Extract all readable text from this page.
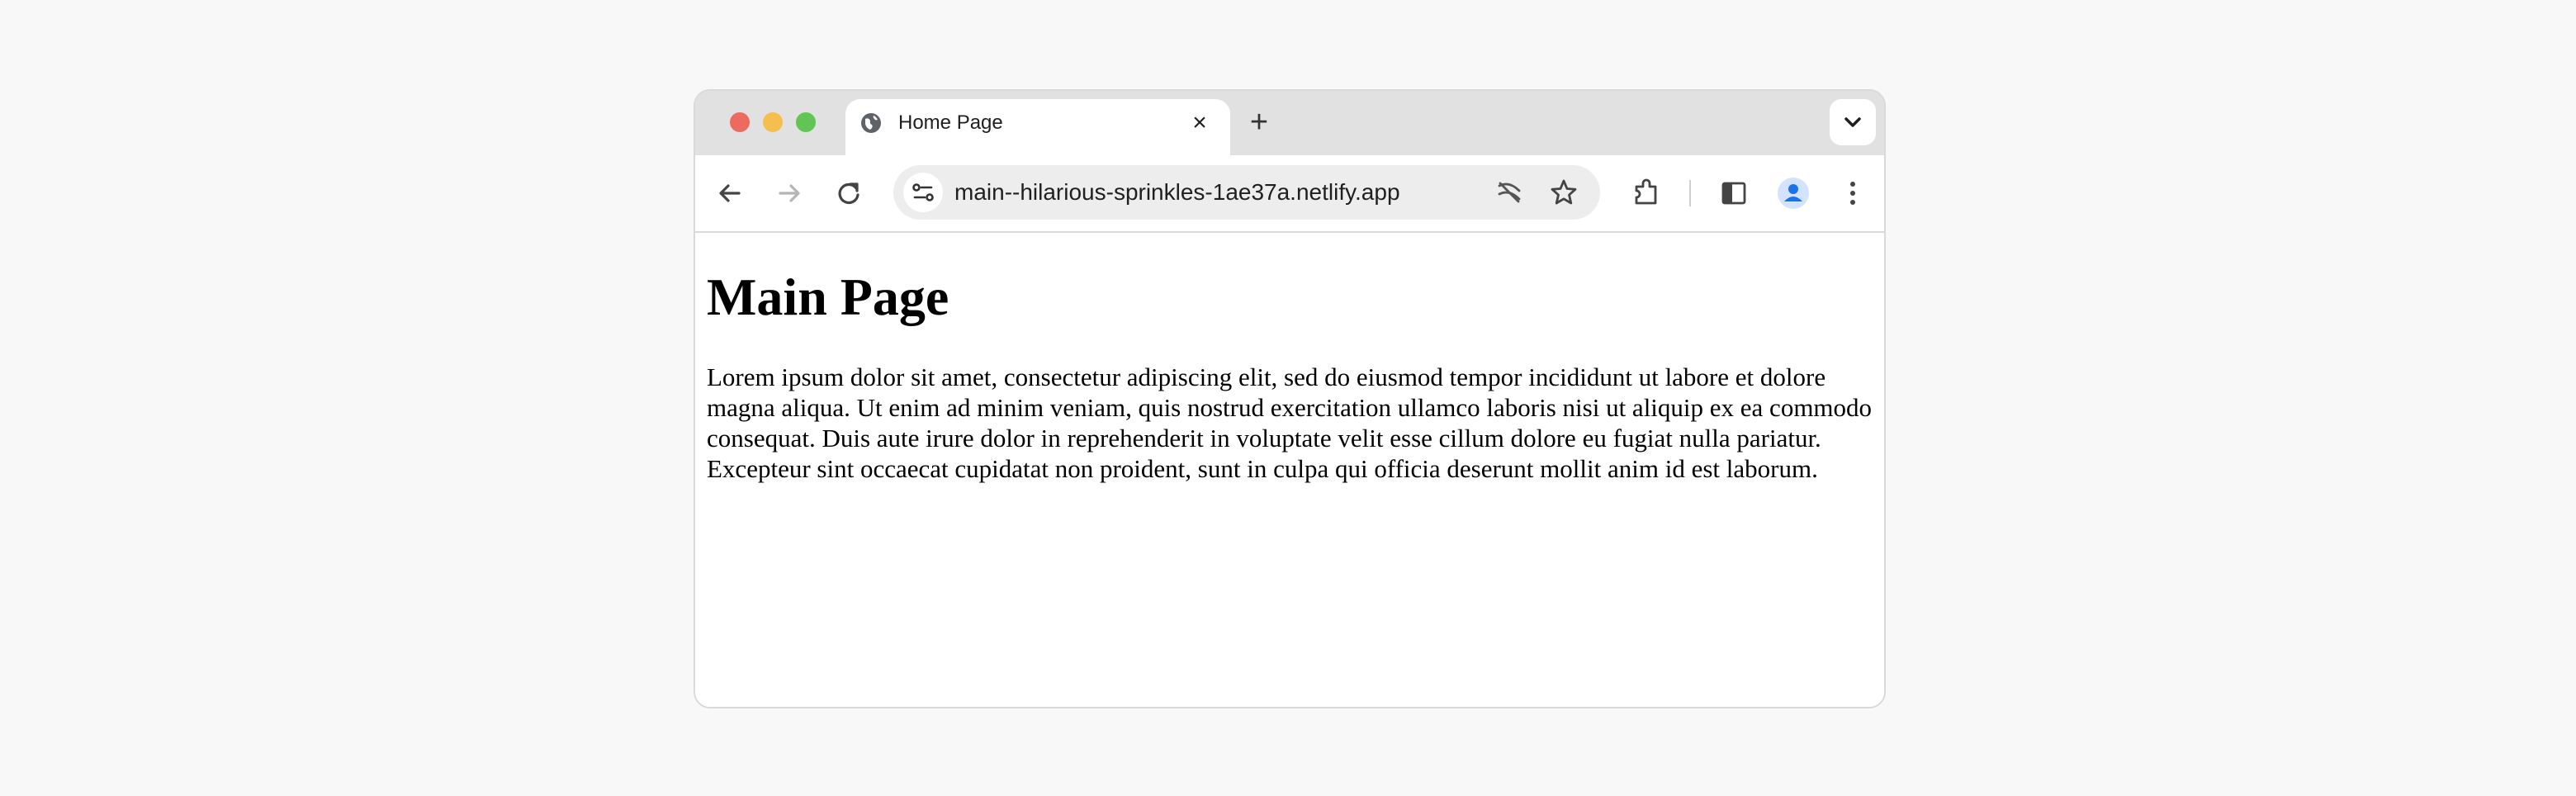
Home Page	× +
main--hilarious-sprinkles-1ae37a.netlify.app
Main Page

Lorem ipsum dolor sit amet, consectetur adipiscing elit, sed do eiusmod tempor incididunt ut labore et dolore magna aliqua. Ut enim ad minim veniam, quis nostrud exercitation ullamco laboris nisi ut aliquip ex ea commodo consequat. Duis aute irure dolor in reprehenderit in voluptate velit esse cillum dolore eu fugiat nulla pariatur. Excepteur sint occaecat cupidatat non proident, sunt in culpa qui officia deserunt mollit anim id est laborum.
